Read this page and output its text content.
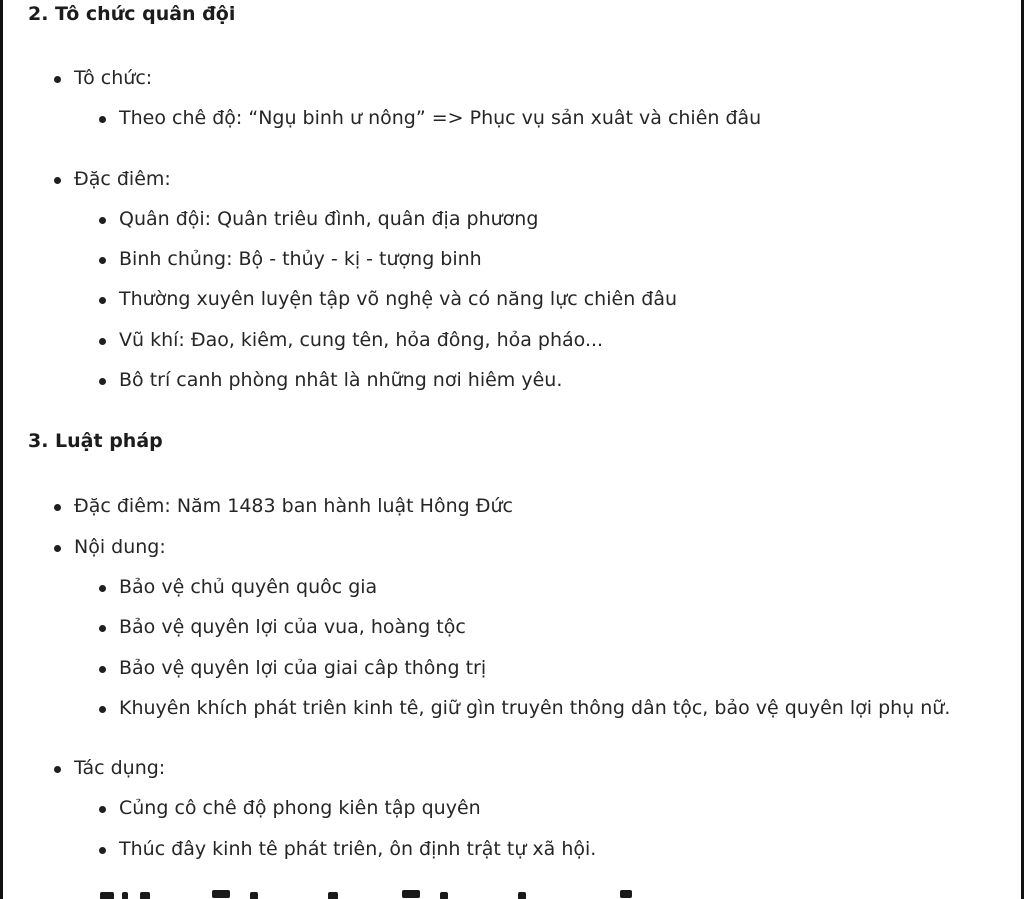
2. Tô chức quân đội
Tô chức:
Theo chê độ: “Ngụ binh ư nông” => Phục vụ sản xuât và chiên đâu
Đặc điêm:
Quân đội: Quân triêu đình, quân địa phương
Binh chủng: Bộ - thủy - kị - tượng binh
Thường xuyên luyện tập võ nghệ và có năng lực chiên đâu
Vũ khí: Đao, kiêm, cung tên, hỏa đông, hỏa pháo...
Bô trí canh phòng nhât là những nơi hiêm yêu.
3. Luật pháp
Đặc điêm: Năm 1483 ban hành luật Hông Đức
Nội dung:
Bảo vệ chủ quyên quôc gia
Bảo vệ quyên lợi của vua, hoàng tộc
Bảo vệ quyên lợi của giai câp thông trị
Khuyên khích phát triên kinh tê, giữ gìn truyên thông dân tộc, bảo vệ quyên lợi phụ nữ.
Tác dụng:
Củng cô chê độ phong kiên tập quyên
Thúc đây kinh tê phát triên, ôn định trật tự xã hội.
